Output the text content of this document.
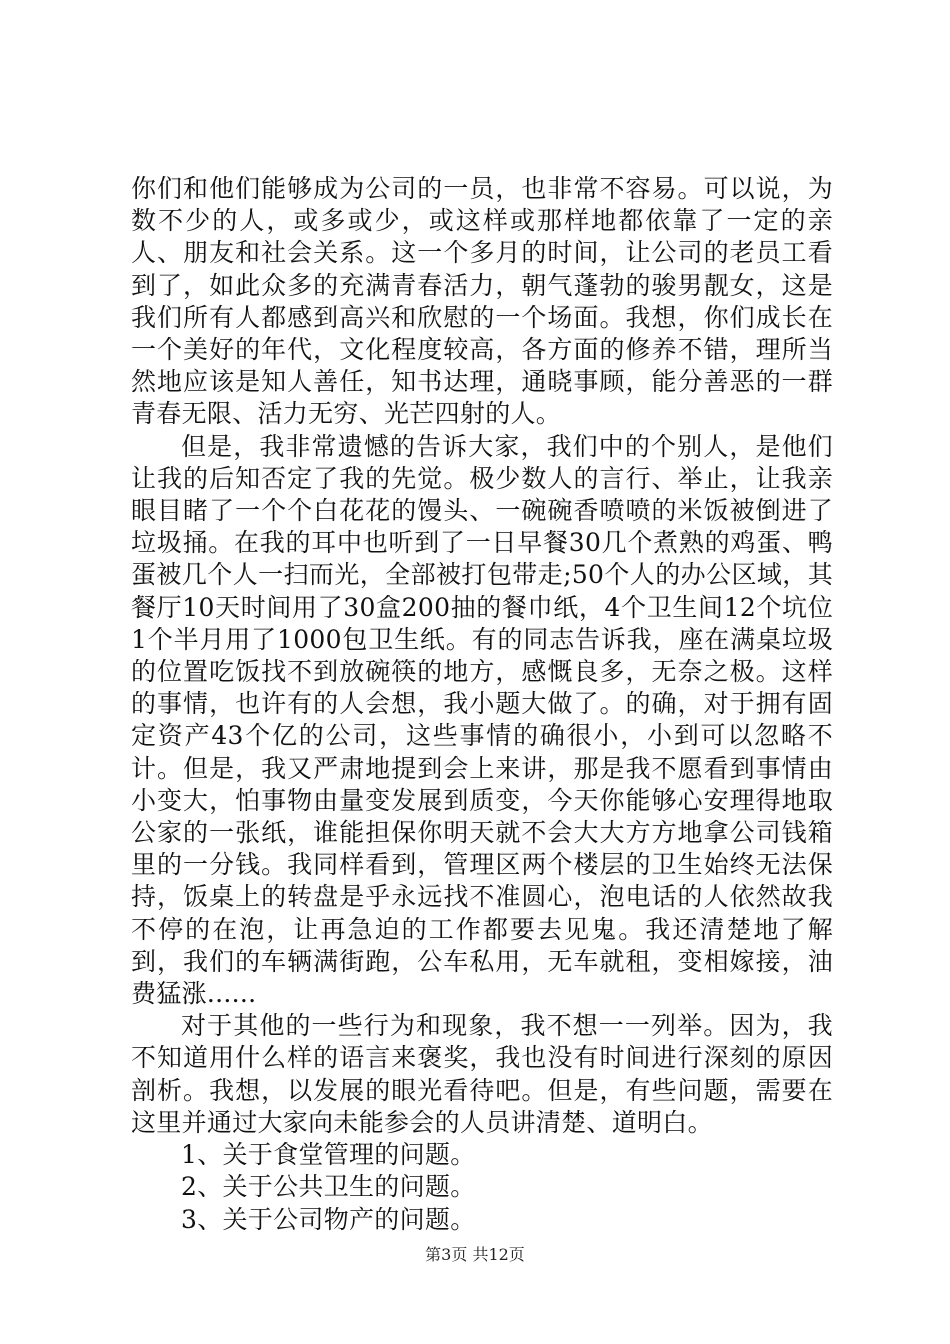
你们和他们能够成为公司的一员，也非常不容易。可以说，为数不少的人，或多或少，或这样或那样地都依靠了一定的亲人、朋友和社会关系。这一个多月的时间，让公司的老员工看到了，如此众多的充满青春活力，朝气蓬勃的骏男靓女，这是我们所有人都感到高兴和欣慰的一个场面。我想，你们成长在一个美好的年代，文化程度较高，各方面的修养不错，理所当然地应该是知人善任，知书达理，通晓事顾，能分善恶的一群青春无限、活力无穷、光芒四射的人。

但是，我非常遗憾的告诉大家，我们中的个别人，是他们让我的后知否定了我的先觉。极少数人的言行、举止，让我亲眼目睹了一个个白花花的馒头、一碗碗香喷喷的米饭被倒进了垃圾捅。在我的耳中也听到了一日早餐30几个煮熟的鸡蛋、鸭蛋被几个人一扫而光，全部被打包带走;50个人的办公区域，其餐厅10天时间用了30盒200抽的餐巾纸，4个卫生间12个坑位1个半月用了1000包卫生纸。有的同志告诉我，座在满桌垃圾的位置吃饭找不到放碗筷的地方，感慨良多，无奈之极。这样的事情，也许有的人会想，我小题大做了。的确，对于拥有固定资产43个亿的公司，这些事情的确很小，小到可以忽略不计。但是，我又严肃地提到会上来讲，那是我不愿看到事情由小变大，怕事物由量变发展到质变，今天你能够心安理得地取公家的一张纸，谁能担保你明天就不会大大方方地拿公司钱箱里的一分钱。我同样看到，管理区两个楼层的卫生始终无法保持，饭桌上的转盘是乎永远找不准圆心，泡电话的人依然故我不停的在泡，让再急迫的工作都要去见鬼。我还清楚地了解到，我们的车辆满街跑，公车私用，无车就租，变相嫁接，油费猛涨......

对于其他的一些行为和现象，我不想一一列举。因为，我不知道用什么样的语言来褒奖，我也没有时间进行深刻的原因剖析。我想，以发展的眼光看待吧。但是，有些问题，需要在这里并通过大家向未能参会的人员讲清楚、道明白。

1、关于食堂管理的问题。

2、关于公共卫生的问题。

3、关于公司物产的问题。

第3页 共12页
